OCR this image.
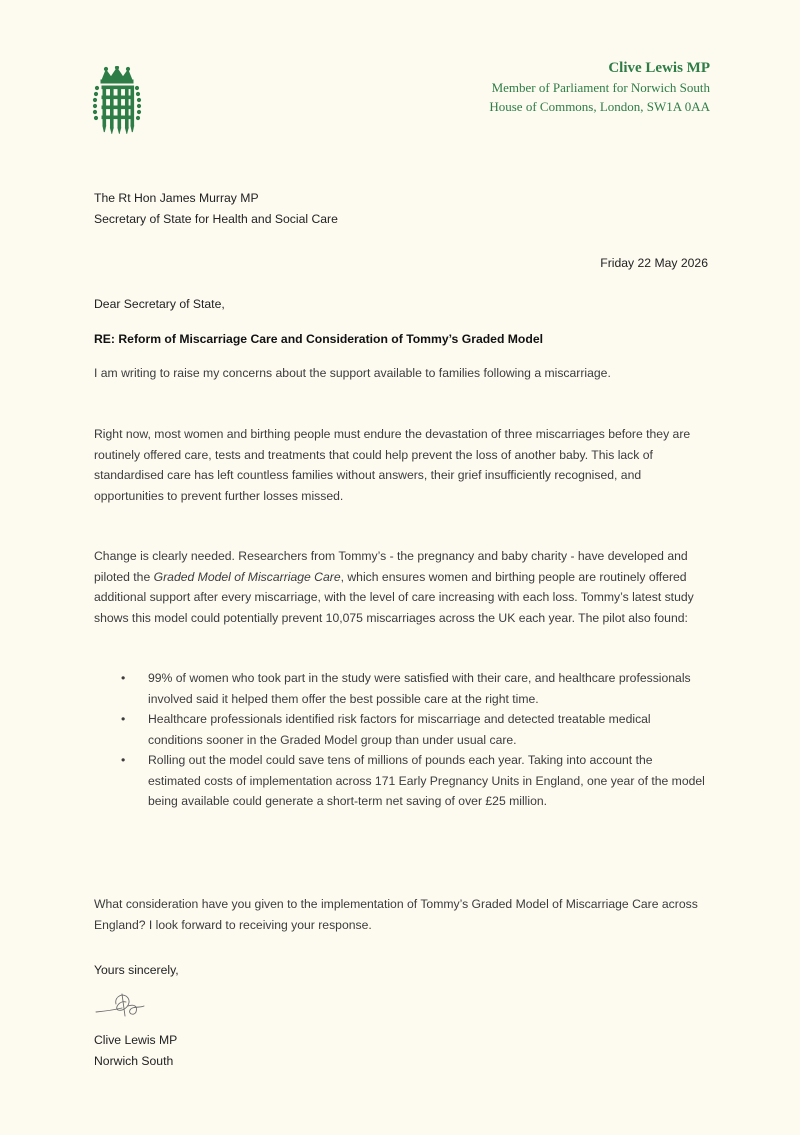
Clive Lewis MP
Member of Parliament for Norwich South
House of Commons, London, SW1A 0AA
The Rt Hon James Murray MP
Secretary of State for Health and Social Care
Friday 22 May 2026
Dear Secretary of State,
RE: Reform of Miscarriage Care and Consideration of Tommy’s Graded Model
I am writing to raise my concerns about the support available to families following a miscarriage.
Right now, most women and birthing people must endure the devastation of three miscarriages before they are routinely offered care, tests and treatments that could help prevent the loss of another baby. This lack of standardised care has left countless families without answers, their grief insufficiently recognised, and opportunities to prevent further losses missed.
Change is clearly needed. Researchers from Tommy’s - the pregnancy and baby charity - have developed and piloted the Graded Model of Miscarriage Care, which ensures women and birthing people are routinely offered additional support after every miscarriage, with the level of care increasing with each loss. Tommy’s latest study shows this model could potentially prevent 10,075 miscarriages across the UK each year. The pilot also found:
• 99% of women who took part in the study were satisfied with their care, and healthcare professionals involved said it helped them offer the best possible care at the right time.
• Healthcare professionals identified risk factors for miscarriage and detected treatable medical conditions sooner in the Graded Model group than under usual care.
• Rolling out the model could save tens of millions of pounds each year. Taking into account the estimated costs of implementation across 171 Early Pregnancy Units in England, one year of the model being available could generate a short-term net saving of over £25 million.
What consideration have you given to the implementation of Tommy’s Graded Model of Miscarriage Care across England? I look forward to receiving your response.
Yours sincerely,
Clive Lewis MP
Norwich South
